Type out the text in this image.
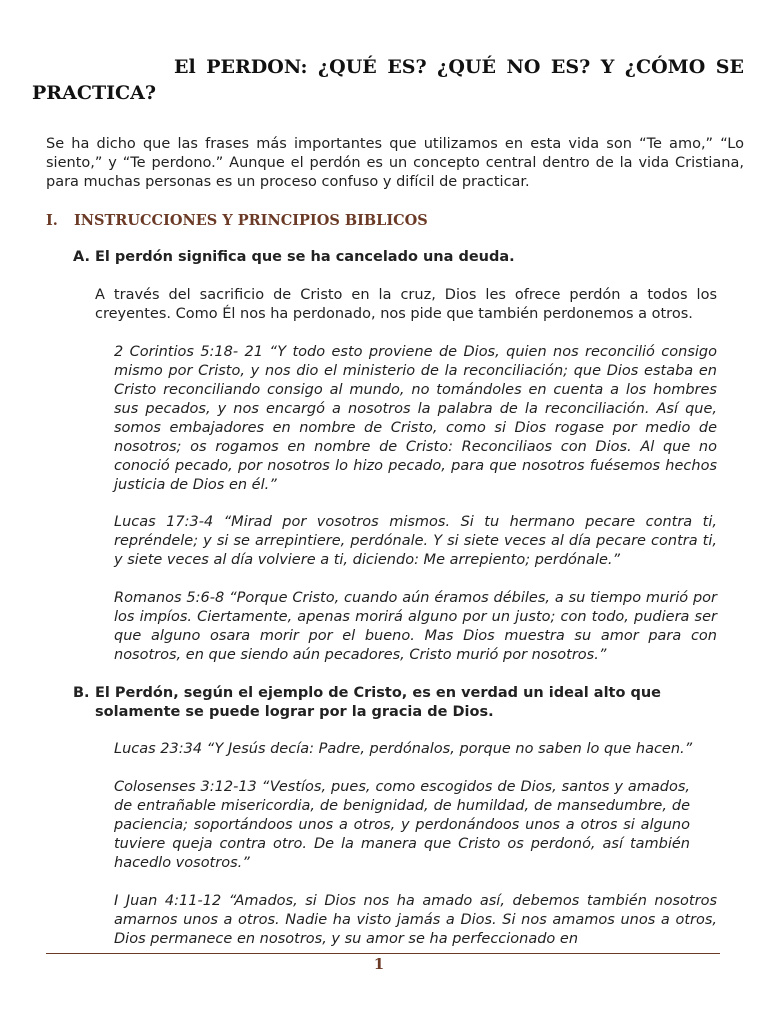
El PERDON: ¿QUÉ ES? ¿QUÉ NO ES? Y ¿CÓMO SE PRACTICA?
Se ha dicho que las frases más importantes que utilizamos en esta vida son “Te amo,” “Lo siento,” y “Te perdono.” Aunque el perdón es un concepto central dentro de la vida Cristiana, para muchas personas es un proceso confuso y difícil de practicar.
I. INSTRUCCIONES Y PRINCIPIOS BIBLICOS
A. El perdón significa que se ha cancelado una deuda.
A través del sacrificio de Cristo en la cruz, Dios les ofrece perdón a todos los creyentes. Como Él nos ha perdonado, nos pide que también perdonemos a otros.
2 Corintios 5:18- 21 “Y todo esto proviene de Dios, quien nos reconcilió consigo mismo por Cristo, y nos dio el ministerio de la reconciliación; que Dios estaba en Cristo reconciliando consigo al mundo, no tomándoles en cuenta a los hombres sus pecados, y nos encargó a nosotros la palabra de la reconciliación. Así que, somos embajadores en nombre de Cristo, como si Dios rogase por medio de nosotros; os rogamos en nombre de Cristo: Reconciliaos con Dios. Al que no conoció pecado, por nosotros lo hizo pecado, para que nosotros fuésemos hechos justicia de Dios en él.”
Lucas 17:3-4 “Mirad por vosotros mismos. Si tu hermano pecare contra ti, repréndele; y si se arrepintiere, perdónale. Y si siete veces al día pecare contra ti, y siete veces al día volviere a ti, diciendo: Me arrepiento; perdónale.”
Romanos 5:6-8 “Porque Cristo, cuando aún éramos débiles, a su tiempo murió por los impíos. Ciertamente, apenas morirá alguno por un justo; con todo, pudiera ser que alguno osara morir por el bueno. Mas Dios muestra su amor para con nosotros, en que siendo aún pecadores, Cristo murió por nosotros.”
B. El Perdón, según el ejemplo de Cristo, es en verdad un ideal alto que
solamente se puede lograr por la gracia de Dios.
Lucas 23:34 “Y Jesús decía: Padre, perdónalos, porque no saben lo que hacen.”
Colosenses 3:12-13 “Vestíos, pues, como escogidos de Dios, santos y amados, de entrañable misericordia, de benignidad, de humildad, de mansedumbre, de paciencia; soportándoos unos a otros, y perdonándoos unos a otros si alguno tuviere queja contra otro. De la manera que Cristo os perdonó, así también hacedlo vosotros.”
I Juan 4:11-12 “Amados, si Dios nos ha amado así, debemos también nosotros amarnos unos a otros. Nadie ha visto jamás a Dios. Si nos amamos unos a otros, Dios permanece en nosotros, y su amor se ha perfeccionado en
1
